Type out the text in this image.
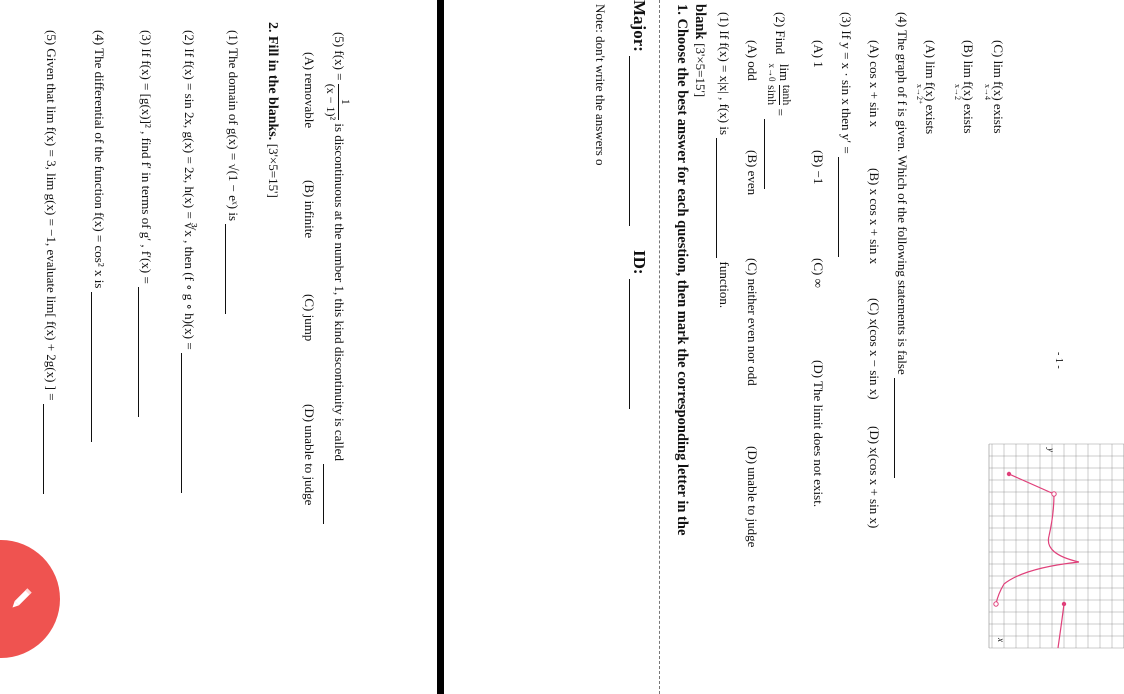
Note: don't write the answers o Major:
ID: 1. Choose the best answer for each question, then mark the corresponding letter in the blank [3'×5=15'] (1) If f(x) = x|x| , f(x) is  function.
(A) odd
(B) even
(C) neither even nor odd
(D) unable to judge
(2) Find
lim
x→0

tanh
sinh
=
(A) 1
(B) −1
(C) ∞
(D) The limit does not exist.
(3) If y = x · sin x then y′ = (A) cos x + sin x
(B) x cos x + sin x
(C) x(cos x − sin x)
(D) x(cos x + sin x)
(4) The graph of f is given. Which of the following statements is false (A) lim f(x) exists
x→2⁺	(B) lim f(x) exists
x→2 (C) lim f(x) exists
x→4
- 1 -
y
x
(5) f(x) =
1
(x − 1)²
is discontinuous at the number 1, this kind discontinuity is called
(A) removable
(B) infinite
(C) jump
(D) unable to judge
2. Fill in the blanks. [3'×5=15']
(1) The domain of g(x) = √(1 − eˣ) is
(2) If f(x) = sin 2x, g(x) = 2x, h(x) = ∛x , then (f ∘ g ∘ h)(x) =
(3) If f(x) = [g(x)]² , find f′ in terms of g′ , f′(x) =
(4) The differential of the function f(x) = cos² x is
(5) Given that lim f(x) = 3, lim g(x) = −1, evaluate lim[ f(x) + 2g(x) ] =
